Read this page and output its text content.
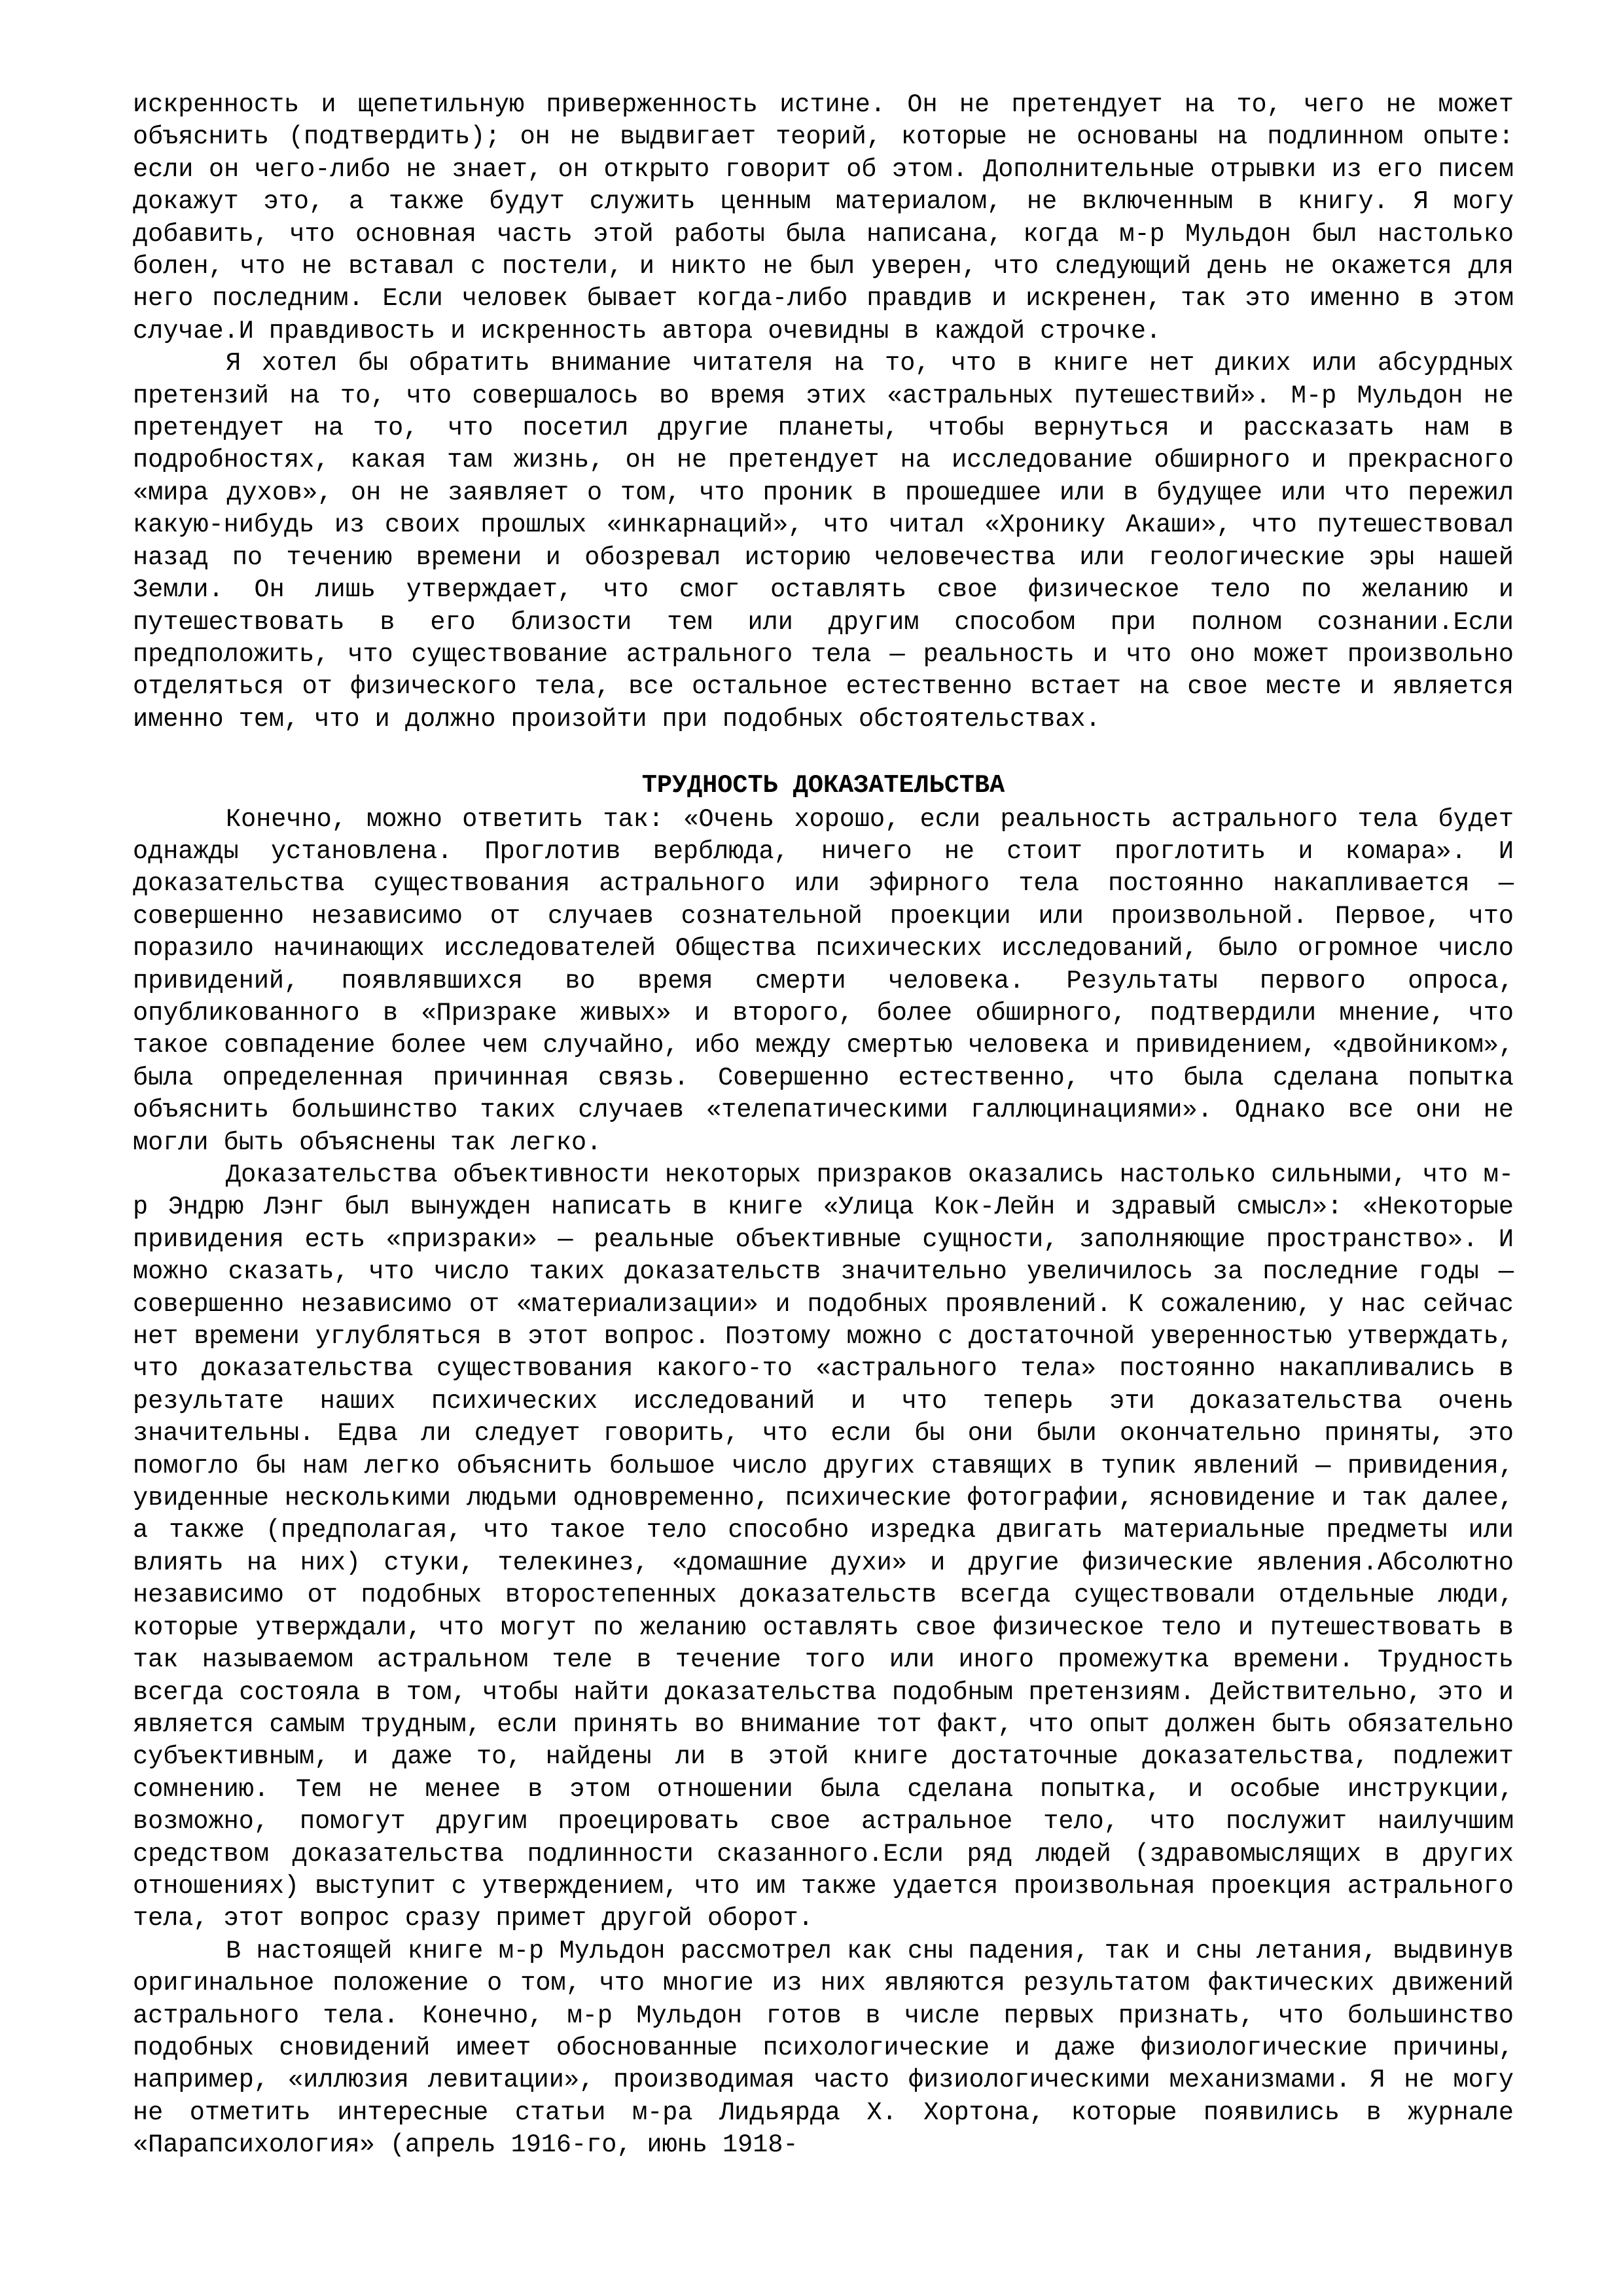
искренность и щепетильную приверженность истине. Он не претендует на то, чего не может объяснить (подтвердить); он не выдвигает теорий, которые не основаны на подлинном опыте: если он чего-либо не знает, он открыто говорит об этом. Дополнительные отрывки из его писем докажут это, а также будут служить ценным материалом, не включенным в книгу. Я могу добавить, что основная часть этой работы была написана, когда м-р Мульдон был настолько болен, что не вставал с постели, и никто не был уверен, что следующий день не окажется для него последним. Если человек бывает когда-либо правдив и искренен, так это именно в этом случае.И правдивость и искренность автора очевидны в каждой строчке.

Я хотел бы обратить внимание читателя на то, что в книге нет диких или абсурдных претензий на то, что совершалось во время этих «астральных путешествий». М-р Мульдон не претендует на то, что посетил другие планеты, чтобы вернуться и рассказать нам в подробностях, какая там жизнь, он не претендует на исследование обширного и прекрасного «мира духов», он не заявляет о том, что проник в прошедшее или в будущее или что пережил какую-нибудь из своих прошлых «инкарнаций», что читал «Хронику Акаши», что путешествовал назад по течению времени и обозревал историю человечества или геологические эры нашей Земли. Он лишь утверждает, что смог оставлять свое физическое тело по желанию и путешествовать в его близости тем или другим способом при полном сознании.Если предположить, что существование астрального тела — реальность и что оно может произвольно отделяться от физического тела, все остальное естественно встает на свое месте и является именно тем, что и должно произойти при подобных обстоятельствах.

ТРУДНОСТЬ ДОКАЗАТЕЛЬСТВА

Конечно, можно ответить так: «Очень хорошо, если реальность астрального тела будет однажды установлена. Проглотив верблюда, ничего не стоит проглотить и комара». И доказательства существования астрального или эфирного тела постоянно накапливается — совершенно независимо от случаев сознательной проекции или произвольной. Первое, что поразило начинающих исследователей Общества психических исследований, было огромное число привидений, появлявшихся во время смерти человека. Результаты первого опроса, опубликованного в «Призраке живых» и второго, более обширного, подтвердили мнение, что такое совпадение более чем случайно, ибо между смертью человека и привидением, «двойником», была определенная причинная связь. Совершенно естественно, что была сделана попытка объяснить большинство таких случаев «телепатическими галлюцинациями». Однако все они не могли быть объяснены так легко.

Доказательства объективности некоторых призраков оказались настолько сильными, что м-р Эндрю Лэнг был вынужден написать в книге «Улица Кок-Лейн и здравый смысл»: «Некоторые привидения есть «призраки» — реальные объективные сущности, заполняющие пространство». И можно сказать, что число таких доказательств значительно увеличилось за последние годы — совершенно независимо от «материализации» и подобных проявлений. К сожалению, у нас сейчас нет времени углубляться в этот вопрос. Поэтому можно с достаточной уверенностью утверждать, что доказательства существования какого-то «астрального тела» постоянно накапливались в результате наших психических исследований и что теперь эти доказательства очень значительны. Едва ли следует говорить, что если бы они были окончательно приняты, это помогло бы нам легко объяснить большое число других ставящих в тупик явлений — привидения, увиденные несколькими людьми одновременно, психические фотографии, ясновидение и так далее, а также (предполагая, что такое тело способно изредка двигать материальные предметы или влиять на них) стуки, телекинез, «домашние духи» и другие физические явления.Абсолютно независимо от подобных второстепенных доказательств всегда существовали отдельные люди, которые утверждали, что могут по желанию оставлять свое физическое тело и путешествовать в так называемом астральном теле в течение того или иного промежутка времени. Трудность всегда состояла в том, чтобы найти доказательства подобным претензиям. Действительно, это и является самым трудным, если принять во внимание тот факт, что опыт должен быть обязательно субъективным, и даже то, найдены ли в этой книге достаточные доказательства, подлежит сомнению. Тем не менее в этом отношении была сделана попытка, и особые инструкции, возможно, помогут другим проецировать свое астральное тело, что послужит наилучшим средством доказательства подлинности сказанного.Если ряд людей (здравомыслящих в других отношениях) выступит с утверждением, что им также удается произвольная проекция астрального тела, этот вопрос сразу примет другой оборот.

В настоящей книге м-р Мульдон рассмотрел как сны падения, так и сны летания, выдвинув оригинальное положение о том, что многие из них являются результатом фактических движений астрального тела. Конечно, м-р Мульдон готов в числе первых признать, что большинство подобных сновидений имеет обоснованные психологические и даже физиологические причины, например, «иллюзия левитации», производимая часто физиологическими механизмами. Я не могу не отметить интересные статьи м-ра Лидьярда Х. Хортона, которые появились в журнале «Парапсихология» (апрель 1916-го, июнь 1918-
